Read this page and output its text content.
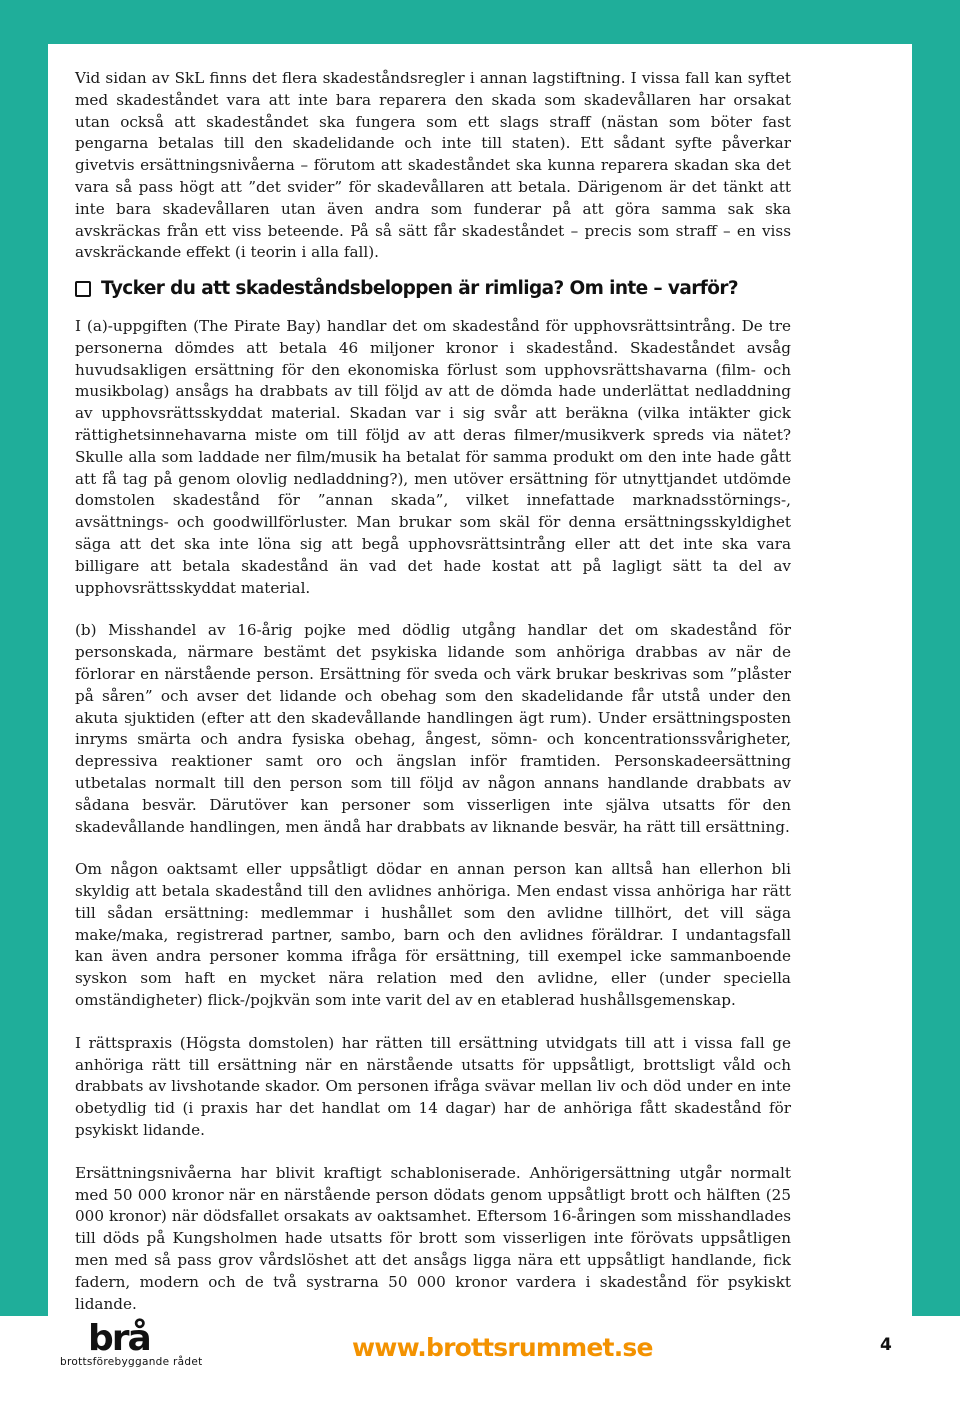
Vid sidan av SkL finns det flera skadeståndsregler i annan lagstiftning. I vissa fall kan syftet med skadeståndet vara att inte bara reparera den skada som skadevållaren har orsakat utan också att skadeståndet ska fungera som ett slags straff (nästan som böter fast pengarna betalas till den skadelidande och inte till staten). Ett sådant syfte påverkar givetvis ersättningsnivåerna – förutom att skadeståndet ska kunna reparera skadan ska det vara så pass högt att ”det svider” för skadevållaren att betala. Därigenom är det tänkt att inte bara skadevållaren utan även andra som funderar på att göra samma sak ska avskräckas från ett viss beteende. På så sätt får skadeståndet – precis som straff – en viss avskräckande effekt (i teorin i alla fall).

Tycker du att skadeståndsbeloppen är rimliga? Om inte – varför?

I (a)-uppgiften (The Pirate Bay) handlar det om skadestånd för upphovsrättsintrång. De tre personerna dömdes att betala 46 miljoner kronor i skadestånd. Skadeståndet avsåg huvudsakligen ersättning för den ekonomiska förlust som upphovsrättshavarna (film- och musikbolag) ansågs ha drabbats av till följd av att de dömda hade underlättat nedladdning av upphovsrättsskyddat material. Skadan var i sig svår att beräkna (vilka intäkter gick rättighetsinnehavarna miste om till följd av att deras filmer/musikverk spreds via nätet? Skulle alla som laddade ner film/musik ha betalat för samma produkt om den inte hade gått att få tag på genom olovlig nedladdning?), men utöver ersättning för utnyttjandet utdömde domstolen skadestånd för ”annan skada”, vilket innefattade marknadsstörnings-, avsättnings- och goodwillförluster. Man brukar som skäl för denna ersättningsskyldighet säga att det ska inte löna sig att begå upphovsrättsintrång eller att det inte ska vara billigare att betala skadestånd än vad det hade kostat att på lagligt sätt ta del av upphovsrättsskyddat material.

(b) Misshandel av 16-årig pojke med dödlig utgång handlar det om skadestånd för personskada, närmare bestämt det psykiska lidande som anhöriga drabbas av när de förlorar en närstående person. Ersättning för sveda och värk brukar beskrivas som ”plåster på såren” och avser det lidande och obehag som den skadelidande får utstå under den akuta sjuktiden (efter att den skadevållande handlingen ägt rum). Under ersättningsposten inryms smärta och andra fysiska obehag, ångest, sömn- och koncentrationssvårigheter, depressiva reaktioner samt oro och ängslan inför framtiden. Personskadeersättning utbetalas normalt till den person som till följd av någon annans handlande drabbats av sådana besvär. Därutöver kan personer som visserligen inte själva utsatts för den skadevållande handlingen, men ändå har drabbats av liknande besvär, ha rätt till ersättning.

Om någon oaktsamt eller uppsåtligt dödar en annan person kan alltså han ellerhon bli skyldig att betala skadestånd till den avlidnes anhöriga. Men endast vissa anhöriga har rätt till sådan ersättning: medlemmar i hushållet som den avlidne tillhört, det vill säga make/maka, registrerad partner, sambo, barn och den avlidnes föräldrar. I undantagsfall kan även andra personer komma ifråga för ersättning, till exempel icke sammanboende syskon som haft en mycket nära relation med den avlidne, eller (under speciella omständigheter) flick-/pojkvän som inte varit del av en etablerad hushållsgemenskap.

I rättspraxis (Högsta domstolen) har rätten till ersättning utvidgats till att i vissa fall ge anhöriga rätt till ersättning när en närstående utsatts för uppsåtligt, brottsligt våld och drabbats av livshotande skador. Om personen ifråga svävar mellan liv och död under en inte obetydlig tid (i praxis har det handlat om 14 dagar) har de anhöriga fått skadestånd för psykiskt lidande.

Ersättningsnivåerna har blivit kraftigt schabloniserade. Anhörigersättning utgår normalt med 50 000 kronor när en närstående person dödats genom uppsåtligt brott och hälften (25 000 kronor) när dödsfallet orsakats av oaktsamhet. Eftersom 16-åringen som misshandlades till döds på Kungsholmen hade utsatts för brott som visserligen inte förövats uppsåtligen men med så pass grov vårdslöshet att det ansågs ligga nära ett uppsåtligt handlande, fick fadern, modern och de två systrarna 50 000 kronor vardera i skadestånd för psykiskt lidande.

brå
brottsförebyggande rådet	www.brottsrummet.se	4
